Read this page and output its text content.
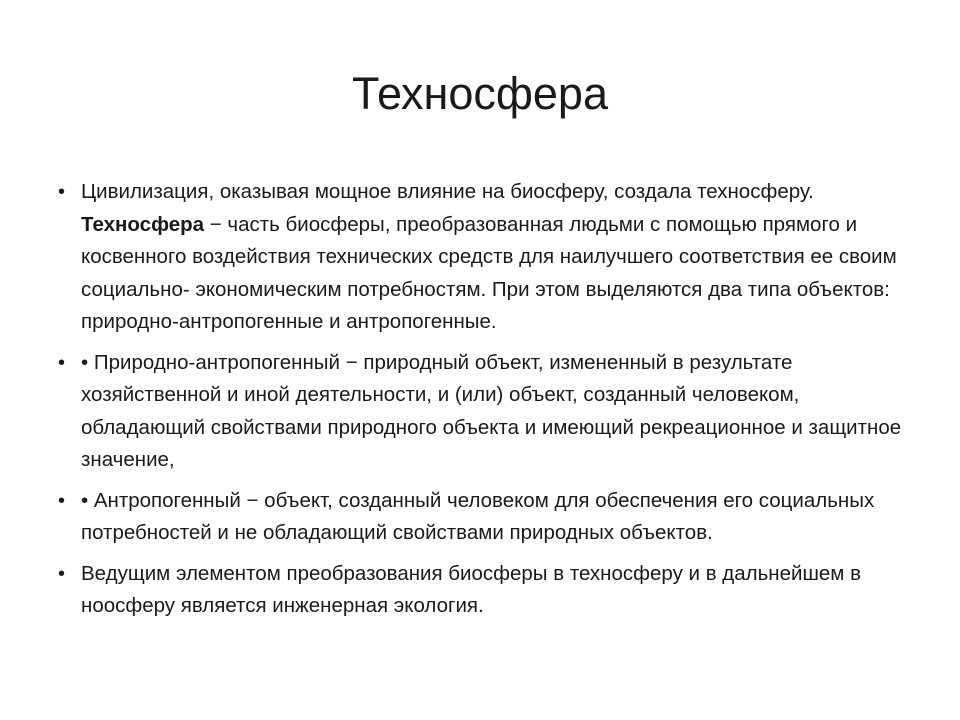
Техносфера
• Цивилизация, оказывая мощное влияние на биосферу, создала техносферу. Техносфера − часть биосферы, преобразованная людьми с помощью прямого и косвенного воздействия технических средств для наилучшего соответствия ее своим социально- экономическим потребностям. При этом выделяются два типа объектов: природно-антропогенные и антропогенные.
• • Природно-антропогенный − природный объект, измененный в результате хозяйственной и иной деятельности, и (или) объект, созданный человеком, обладающий свойствами природного объекта и имеющий рекреационное и защитное значение,
• • Антропогенный − объект, созданный человеком для обеспечения его социальных потребностей и не обладающий свойствами природных объектов.
• Ведущим элементом преобразования биосферы в техносферу и в дальнейшем в ноосферу является инженерная экология.
